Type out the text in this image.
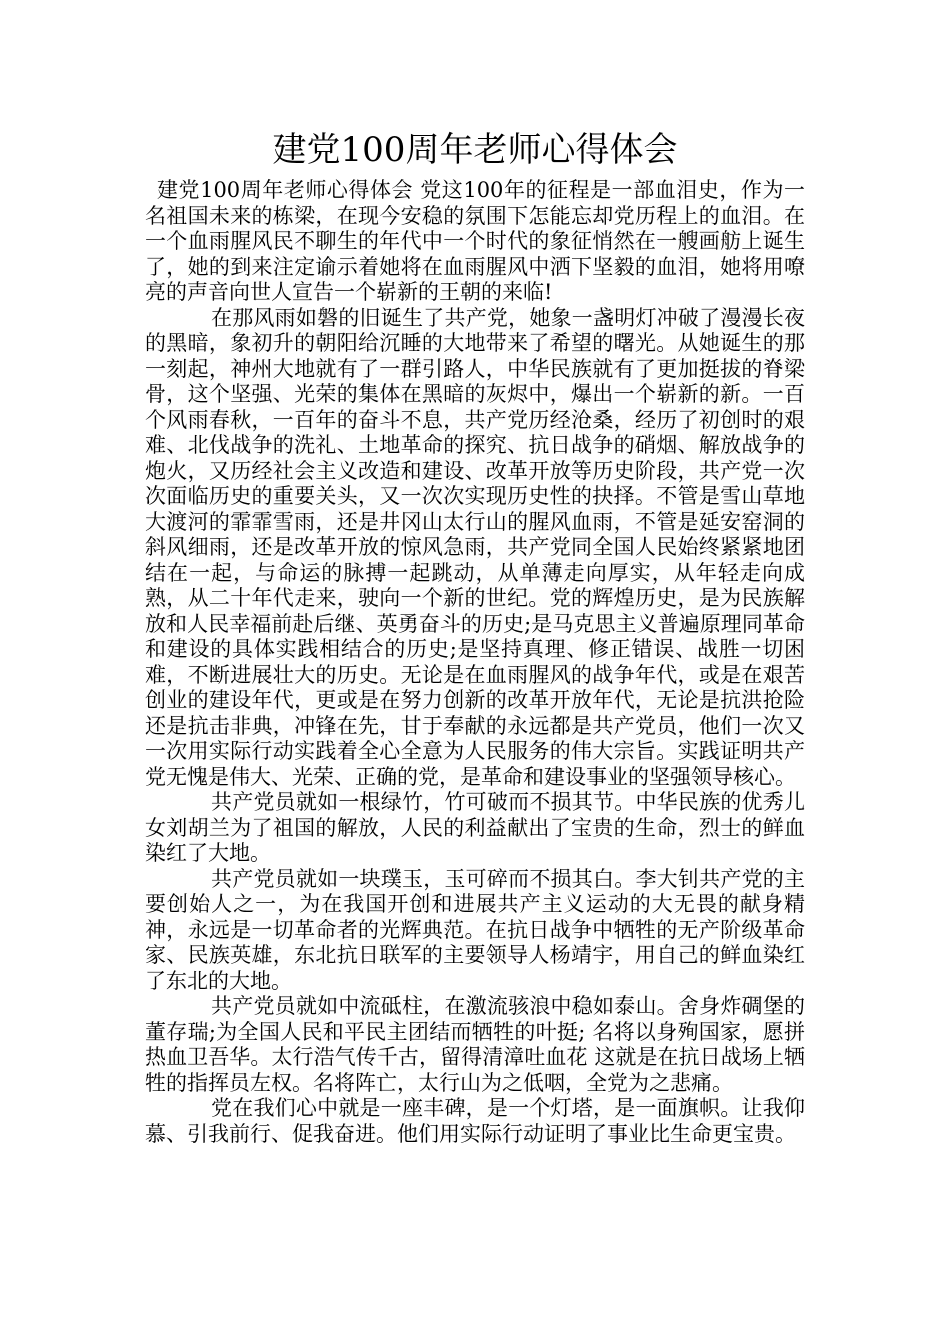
建党100周年老师心得体会

建党100周年老师心得体会 党这100年的征程是一部血泪史，作为一名祖国未来的栋梁，在现今安稳的氛围下怎能忘却党历程上的血泪。在一个血雨腥风民不聊生的年代中一个时代的象征悄然在一艘画舫上诞生了，她的到来注定谕示着她将在血雨腥风中洒下坚毅的血泪，她将用嘹亮的声音向世人宣告一个崭新的王朝的来临!

在那风雨如磐的旧诞生了共产党，她象一盏明灯冲破了漫漫长夜的黑暗，象初升的朝阳给沉睡的大地带来了希望的曙光。从她诞生的那一刻起，神州大地就有了一群引路人，中华民族就有了更加挺拔的脊梁骨，这个坚强、光荣的集体在黑暗的灰烬中，爆出一个崭新的新。一百个风雨春秋，一百年的奋斗不息，共产党历经沧桑，经历了初创时的艰难、北伐战争的洗礼、土地革命的探究、抗日战争的硝烟、解放战争的炮火，又历经社会主义改造和建设、改革开放等历史阶段，共产党一次次面临历史的重要关头，又一次次实现历史性的抉择。不管是雪山草地大渡河的霏霏雪雨，还是井冈山太行山的腥风血雨，不管是延安窑洞的斜风细雨，还是改革开放的惊风急雨，共产党同全国人民始终紧紧地团结在一起，与命运的脉搏一起跳动，从单薄走向厚实，从年轻走向成熟，从二十年代走来，驶向一个新的世纪。党的辉煌历史，是为民族解放和人民幸福前赴后继、英勇奋斗的历史;是马克思主义普遍原理同革命和建设的具体实践相结合的历史;是坚持真理、修正错误、战胜一切困难，不断进展壮大的历史。无论是在血雨腥风的战争年代，或是在艰苦创业的建设年代，更或是在努力创新的改革开放年代，无论是抗洪抢险还是抗击非典，冲锋在先，甘于奉献的永远都是共产党员，他们一次又一次用实际行动实践着全心全意为人民服务的伟大宗旨。实践证明共产党无愧是伟大、光荣、正确的党，是革命和建设事业的坚强领导核心。

共产党员就如一根绿竹，竹可破而不损其节。中华民族的优秀儿女刘胡兰为了祖国的解放，人民的利益献出了宝贵的生命，烈士的鲜血染红了大地。

共产党员就如一块璞玉，玉可碎而不损其白。李大钊共产党的主要创始人之一，为在我国开创和进展共产主义运动的大无畏的献身精神，永远是一切革命者的光辉典范。在抗日战争中牺牲的无产阶级革命家、民族英雄，东北抗日联军的主要领导人杨靖宇，用自己的鲜血染红了东北的大地。

共产党员就如中流砥柱，在激流骇浪中稳如泰山。舍身炸碉堡的董存瑞;为全国人民和平民主团结而牺牲的叶挺; 名将以身殉国家，愿拼热血卫吾华。太行浩气传千古，留得清漳吐血花 这就是在抗日战场上牺牲的指挥员左权。名将阵亡，太行山为之低咽，全党为之悲痛。

党在我们心中就是一座丰碑，是一个灯塔，是一面旗帜。让我仰慕、引我前行、促我奋进。他们用实际行动证明了事业比生命更宝贵。
